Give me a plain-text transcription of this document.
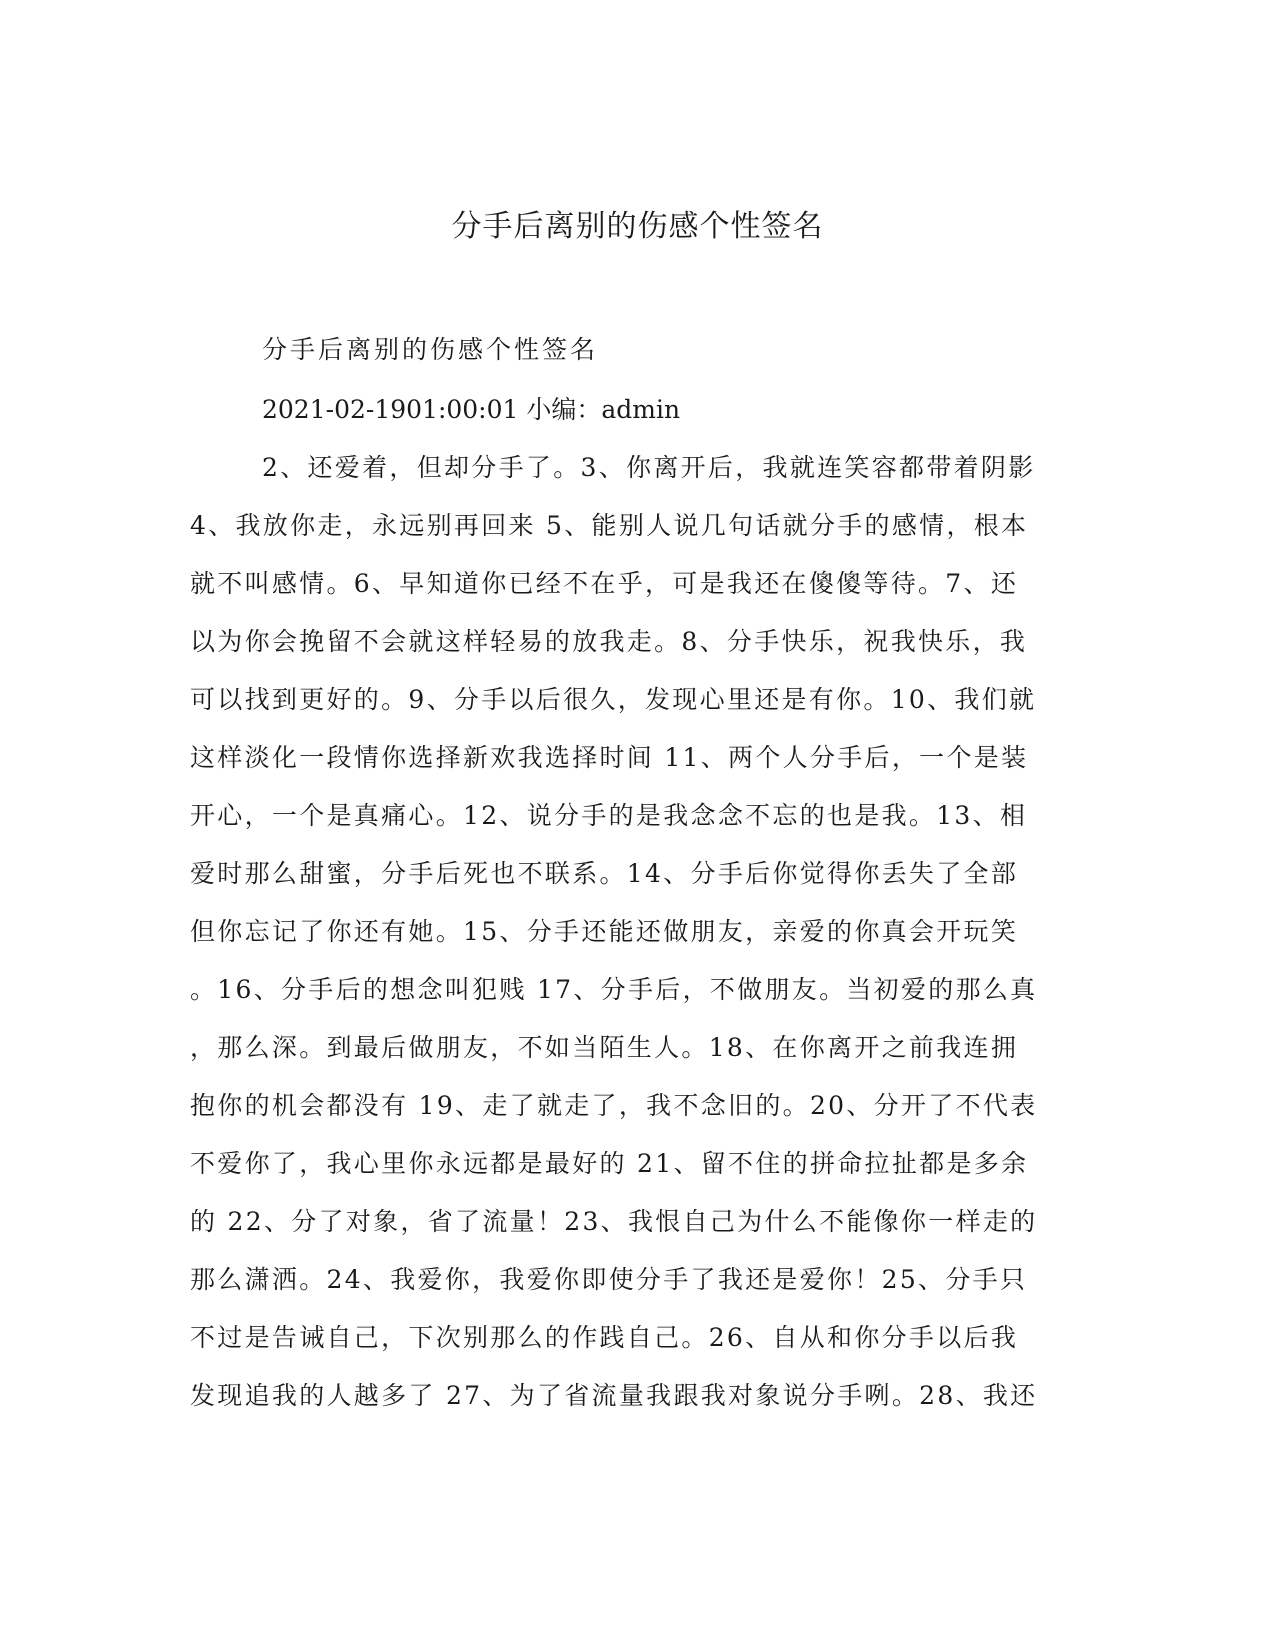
分手后离别的伤感个性签名

分手后离别的伤感个性签名

2021-02-1901:00:01 小编：admin

2、还爱着，但却分手了。3、你离开后，我就连笑容都带着阴影

4、我放你走，永远别再回来 5、能别人说几句话就分手的感情，根本

就不叫感情。6、早知道你已经不在乎，可是我还在傻傻等待。7、还

以为你会挽留不会就这样轻易的放我走。8、分手快乐，祝我快乐，我

可以找到更好的。9、分手以后很久，发现心里还是有你。10、我们就

这样淡化一段情你选择新欢我选择时间 11、两个人分手后，一个是装

开心，一个是真痛心。12、说分手的是我念念不忘的也是我。13、相

爱时那么甜蜜，分手后死也不联系。14、分手后你觉得你丢失了全部

但你忘记了你还有她。15、分手还能还做朋友，亲爱的你真会开玩笑

。16、分手后的想念叫犯贱 17、分手后，不做朋友。当初爱的那么真

，那么深。到最后做朋友，不如当陌生人。18、在你离开之前我连拥

抱你的机会都没有 19、走了就走了，我不念旧的。20、分开了不代表

不爱你了，我心里你永远都是最好的 21、留不住的拼命拉扯都是多余

的 22、分了对象，省了流量！23、我恨自己为什么不能像你一样走的

那么潇洒。24、我爱你，我爱你即使分手了我还是爱你！25、分手只

不过是告诫自己，下次别那么的作践自己。26、自从和你分手以后我

发现追我的人越多了 27、为了省流量我跟我对象说分手咧。28、我还
